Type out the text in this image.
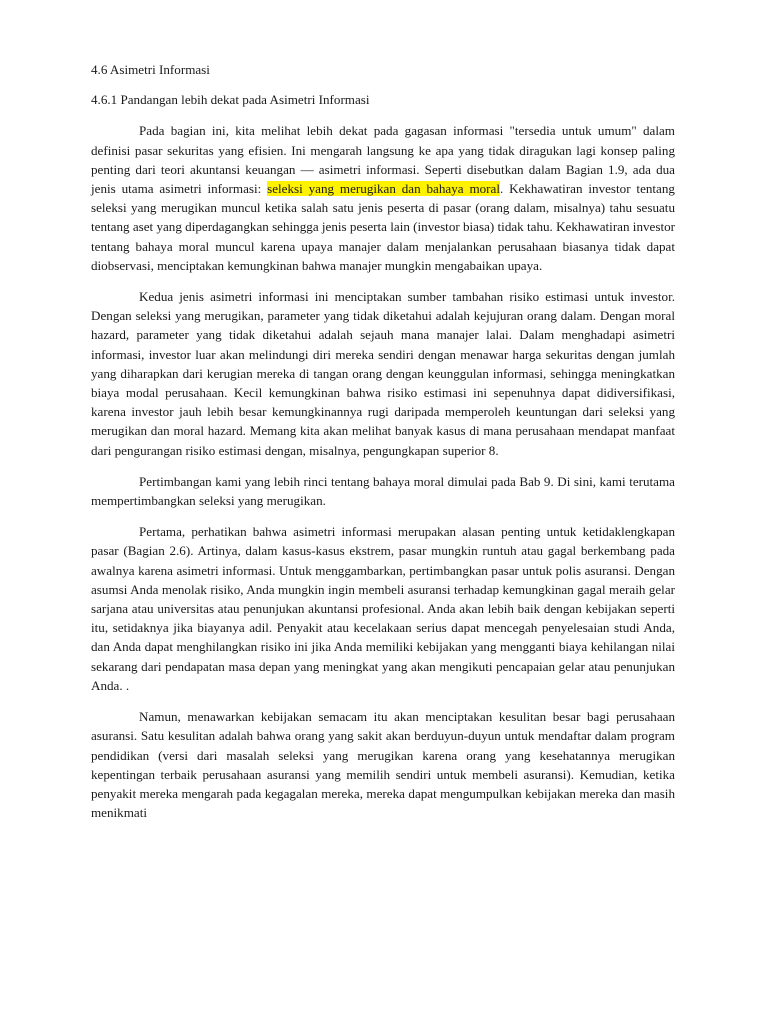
4.6 Asimetri Informasi

4.6.1 Pandangan lebih dekat pada Asimetri Informasi

Pada bagian ini, kita melihat lebih dekat pada gagasan informasi "tersedia untuk umum" dalam definisi pasar sekuritas yang efisien. Ini mengarah langsung ke apa yang tidak diragukan lagi konsep paling penting dari teori akuntansi keuangan — asimetri informasi. Seperti disebutkan dalam Bagian 1.9, ada dua jenis utama asimetri informasi: seleksi yang merugikan dan bahaya moral. Kekhawatiran investor tentang seleksi yang merugikan muncul ketika salah satu jenis peserta di pasar (orang dalam, misalnya) tahu sesuatu tentang aset yang diperdagangkan sehingga jenis peserta lain (investor biasa) tidak tahu. Kekhawatiran investor tentang bahaya moral muncul karena upaya manajer dalam menjalankan perusahaan biasanya tidak dapat diobservasi, menciptakan kemungkinan bahwa manajer mungkin mengabaikan upaya.

Kedua jenis asimetri informasi ini menciptakan sumber tambahan risiko estimasi untuk investor. Dengan seleksi yang merugikan, parameter yang tidak diketahui adalah kejujuran orang dalam. Dengan moral hazard, parameter yang tidak diketahui adalah sejauh mana manajer lalai. Dalam menghadapi asimetri informasi, investor luar akan melindungi diri mereka sendiri dengan menawar harga sekuritas dengan jumlah yang diharapkan dari kerugian mereka di tangan orang dengan keunggulan informasi, sehingga meningkatkan biaya modal perusahaan. Kecil kemungkinan bahwa risiko estimasi ini sepenuhnya dapat didiversifikasi, karena investor jauh lebih besar kemungkinannya rugi daripada memperoleh keuntungan dari seleksi yang merugikan dan moral hazard. Memang kita akan melihat banyak kasus di mana perusahaan mendapat manfaat dari pengurangan risiko estimasi dengan, misalnya, pengungkapan superior 8.

Pertimbangan kami yang lebih rinci tentang bahaya moral dimulai pada Bab 9. Di sini, kami terutama mempertimbangkan seleksi yang merugikan.

Pertama, perhatikan bahwa asimetri informasi merupakan alasan penting untuk ketidaklengkapan pasar (Bagian 2.6). Artinya, dalam kasus-kasus ekstrem, pasar mungkin runtuh atau gagal berkembang pada awalnya karena asimetri informasi. Untuk menggambarkan, pertimbangkan pasar untuk polis asuransi. Dengan asumsi Anda menolak risiko, Anda mungkin ingin membeli asuransi terhadap kemungkinan gagal meraih gelar sarjana atau universitas atau penunjukan akuntansi profesional. Anda akan lebih baik dengan kebijakan seperti itu, setidaknya jika biayanya adil. Penyakit atau kecelakaan serius dapat mencegah penyelesaian studi Anda, dan Anda dapat menghilangkan risiko ini jika Anda memiliki kebijakan yang mengganti biaya kehilangan nilai sekarang dari pendapatan masa depan yang meningkat yang akan mengikuti pencapaian gelar atau penunjukan Anda. .

Namun, menawarkan kebijakan semacam itu akan menciptakan kesulitan besar bagi perusahaan asuransi. Satu kesulitan adalah bahwa orang yang sakit akan berduyun-duyun untuk mendaftar dalam program pendidikan (versi dari masalah seleksi yang merugikan karena orang yang kesehatannya merugikan kepentingan terbaik perusahaan asuransi yang memilih sendiri untuk membeli asuransi). Kemudian, ketika penyakit mereka mengarah pada kegagalan mereka, mereka dapat mengumpulkan kebijakan mereka dan masih menikmati
